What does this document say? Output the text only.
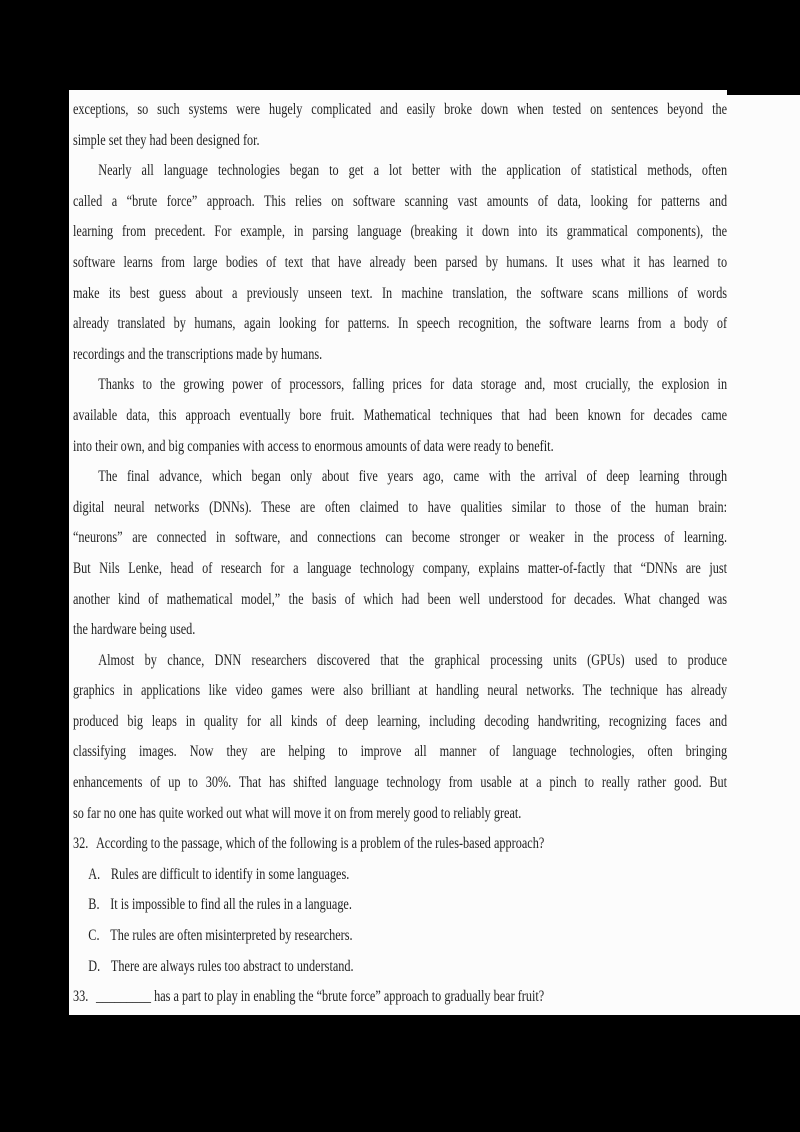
exceptions, so such systems were hugely complicated and easily broke down when tested on sentences beyond the
simple set they had been designed for.
Nearly all language technologies began to get a lot better with the application of statistical methods, often
called a “brute force” approach. This relies on software scanning vast amounts of data, looking for patterns and
learning from precedent. For example, in parsing language (breaking it down into its grammatical components), the
software learns from large bodies of text that have already been parsed by humans. It uses what it has learned to
make its best guess about a previously unseen text. In machine translation, the software scans millions of words
already translated by humans, again looking for patterns. In speech recognition, the software learns from a body of
recordings and the transcriptions made by humans.
Thanks to the growing power of processors, falling prices for data storage and, most crucially, the explosion in
available data, this approach eventually bore fruit. Mathematical techniques that had been known for decades came
into their own, and big companies with access to enormous amounts of data were ready to benefit.
The final advance, which began only about five years ago, came with the arrival of deep learning through
digital neural networks (DNNs). These are often claimed to have qualities similar to those of the human brain:
“neurons” are connected in software, and connections can become stronger or weaker in the process of learning.
But Nils Lenke, head of research for a language technology company, explains matter-of-factly that “DNNs are just
another kind of mathematical model,” the basis of which had been well understood for decades. What changed was
the hardware being used.
Almost by chance, DNN researchers discovered that the graphical processing units (GPUs) used to produce
graphics in applications like video games were also brilliant at handling neural networks. The technique has already
produced big leaps in quality for all kinds of deep learning, including decoding handwriting, recognizing faces and
classifying images. Now they are helping to improve all manner of language technologies, often bringing
enhancements of up to 30%. That has shifted language technology from usable at a pinch to really rather good. But
so far no one has quite worked out what will move it on from merely good to reliably great.
32. According to the passage, which of the following is a problem of the rules-based approach?
A. Rules are difficult to identify in some languages.
B. It is impossible to find all the rules in a language.
C. The rules are often misinterpreted by researchers.
D. There are always rules too abstract to understand.
33. _________ has a part to play in enabling the “brute force” approach to gradually bear fruit?
